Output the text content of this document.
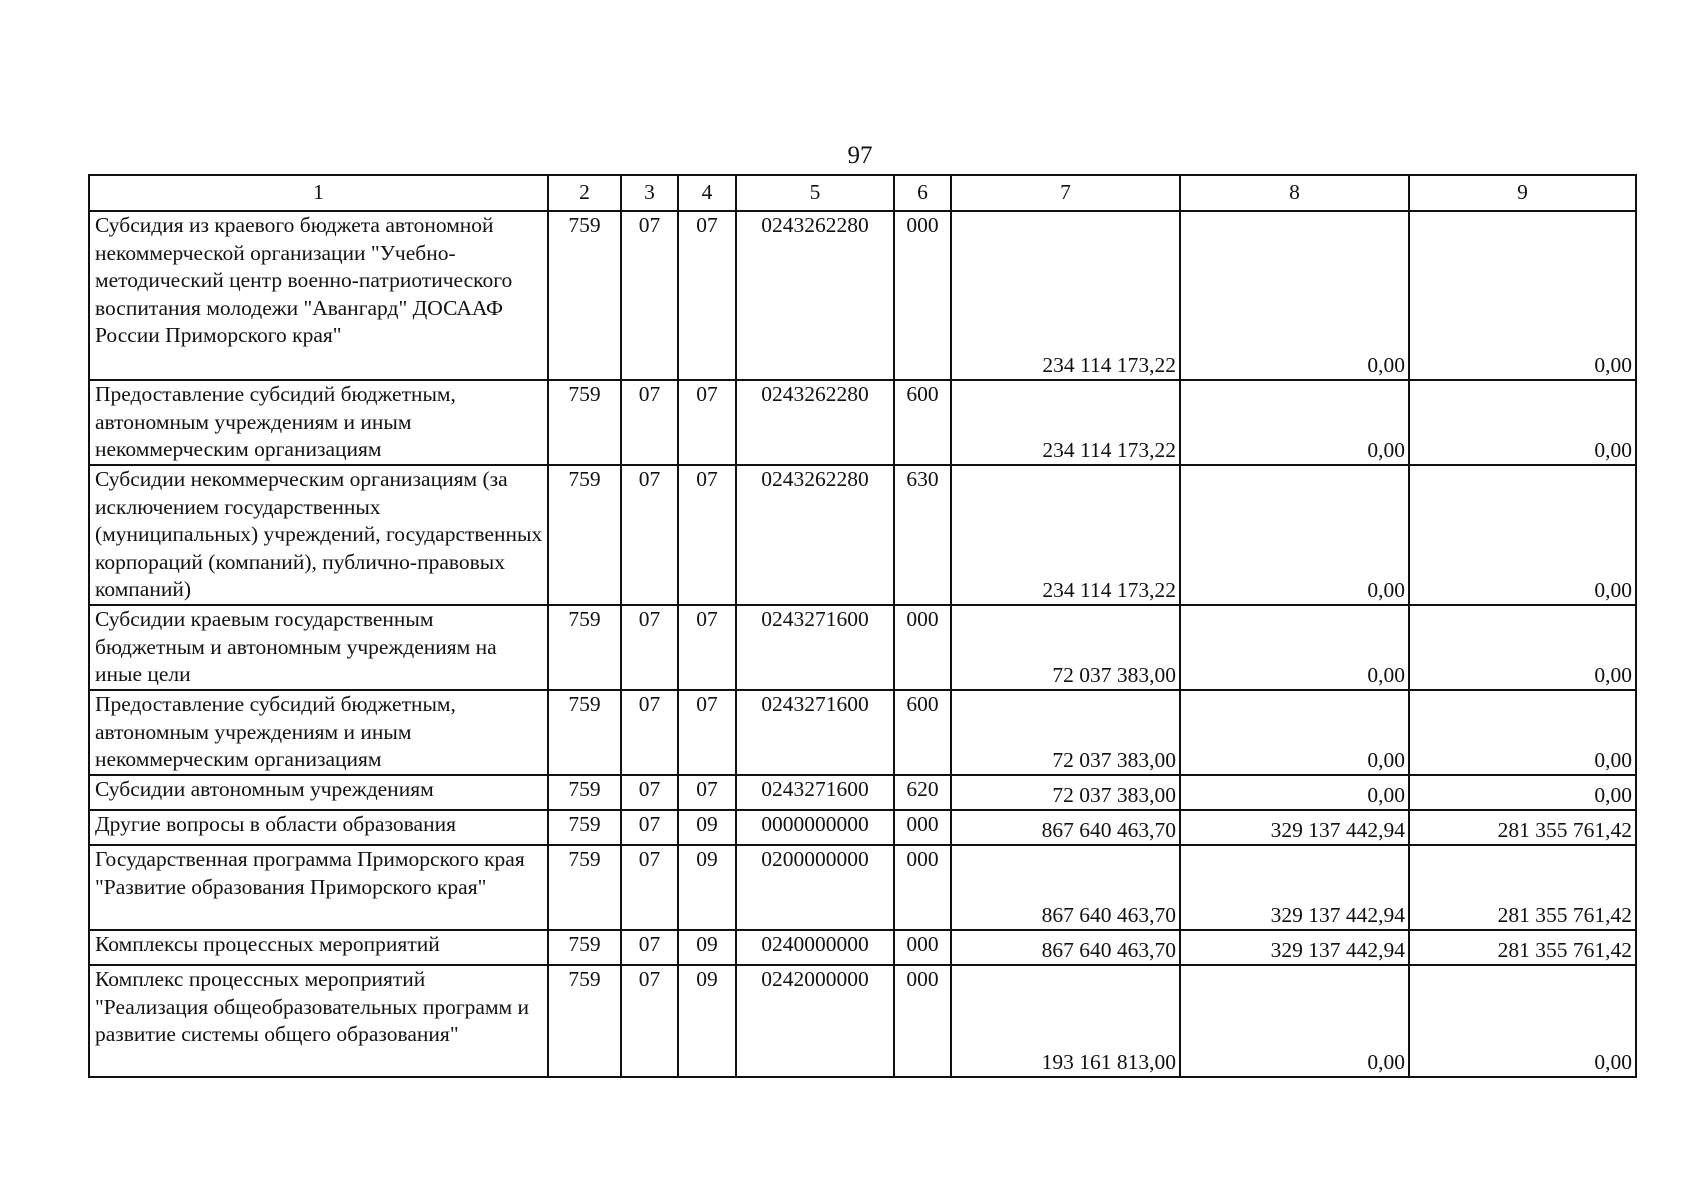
97
1	2	3	4	5	6	7	8	9
Субсидия из краевого бюджета автономной некоммерческой организации "Учебно-методический центр военно-патриотического воспитания молодежи "Авангард" ДОСААФ России Приморского края"	759	07	07	0243262280	000	234 114 173,22	0,00	0,00
Предоставление субсидий бюджетным, автономным учреждениям и иным некоммерческим организациям	759	07	07	0243262280	600	234 114 173,22	0,00	0,00
Субсидии некоммерческим организациям (за исключением государственных (муниципальных) учреждений, государственных корпораций (компаний), публично-правовых компаний)	759	07	07	0243262280	630	234 114 173,22	0,00	0,00
Субсидии краевым государственным бюджетным и автономным учреждениям на иные цели	759	07	07	0243271600	000	72 037 383,00	0,00	0,00
Предоставление субсидий бюджетным, автономным учреждениям и иным некоммерческим организациям	759	07	07	0243271600	600	72 037 383,00	0,00	0,00
Субсидии автономным учреждениям	759	07	07	0243271600	620	72 037 383,00	0,00	0,00
Другие вопросы в области образования	759	07	09	0000000000	000	867 640 463,70	329 137 442,94	281 355 761,42
Государственная программа Приморского края "Развитие образования Приморского края"	759	07	09	0200000000	000	867 640 463,70	329 137 442,94	281 355 761,42
Комплексы процессных мероприятий	759	07	09	0240000000	000	867 640 463,70	329 137 442,94	281 355 761,42
Комплекс процессных мероприятий "Реализация общеобразовательных программ и развитие системы общего образования"	759	07	09	0242000000	000	193 161 813,00	0,00	0,00
